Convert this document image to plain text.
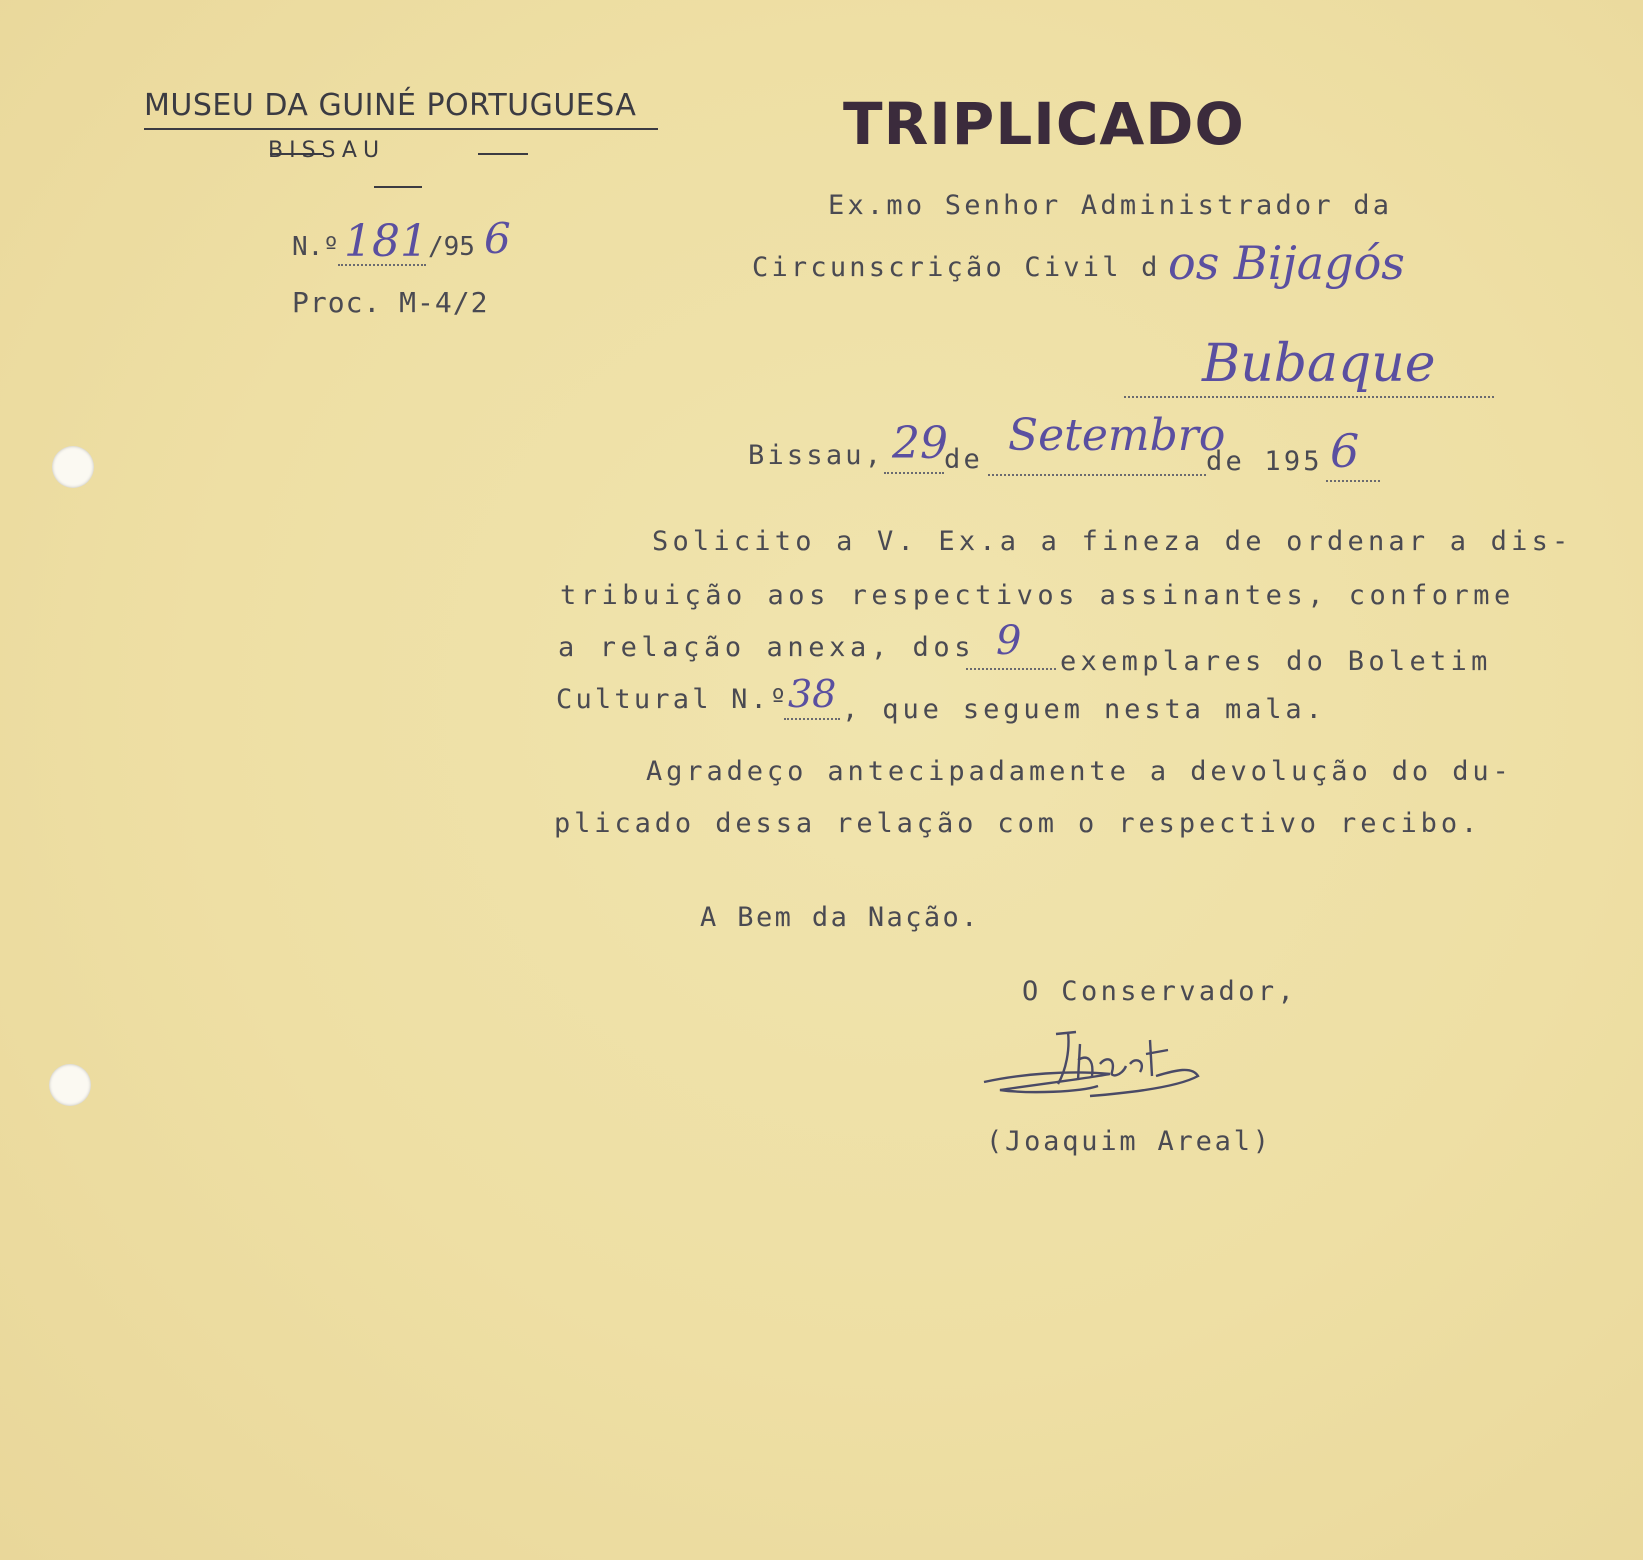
MUSEU DA GUINÉ PORTUGUESA
BISSAU	TRIPLICADO
N.º 181 /95 6
Proc. M-4/2
Ex.mo Senhor Administrador da
Circunscrição Civil d os Bijagós
Bubaque
Bissau, 29
de Setembro
de 195 6
Solicito a V. Ex.a a fineza de ordenar a dis-
tribuição aos respectivos assinantes, conforme
a relação anexa, dos 9 exemplares do Boletim
Cultural N.º
38 , que seguem nesta mala.
Agradeço antecipadamente a devolução do du-
plicado dessa relação com o respectivo recibo.
A Bem da Nação.
O Conservador,
(Joaquim Areal)
